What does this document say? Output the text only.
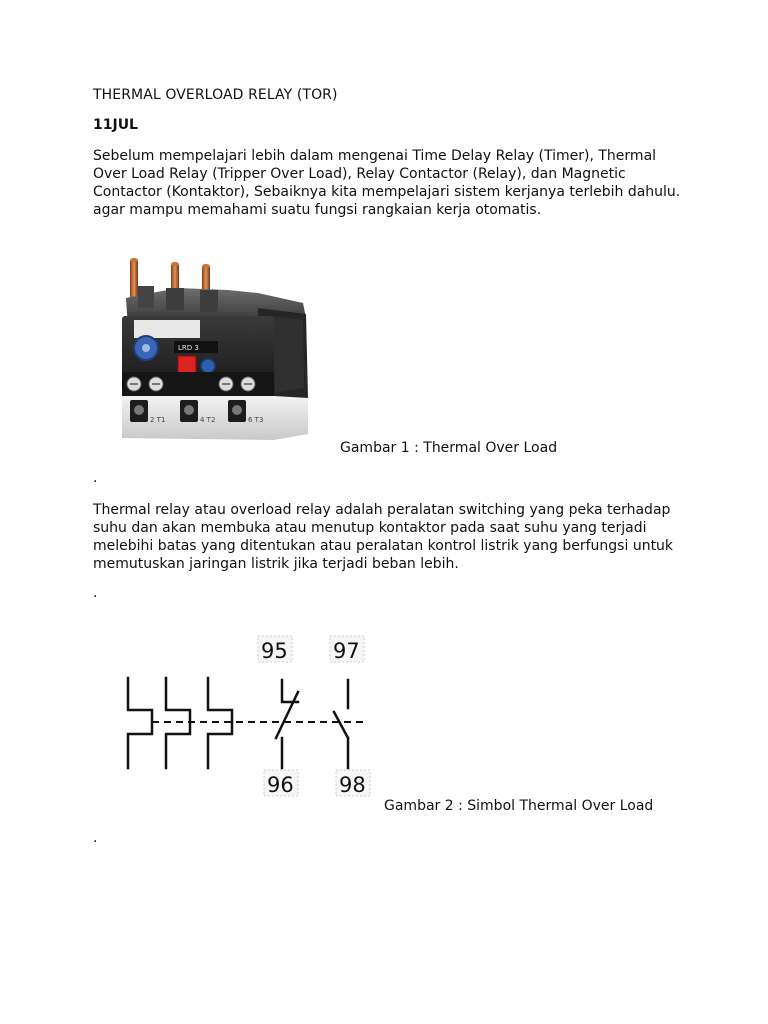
THERMAL OVERLOAD RELAY (TOR)
11JUL
Sebelum mempelajari lebih dalam mengenai Time Delay Relay (Timer), Thermal Over Load Relay (Tripper Over Load), Relay Contactor (Relay), dan Magnetic Contactor (Kontaktor), Sebaiknya kita mempelajari sistem kerjanya terlebih dahulu. agar mampu memahami suatu fungsi rangkaian kerja otomatis.
LRD 3
2 T1	4 T2	6 T3
Gambar 1 : Thermal Over Load
.
Thermal relay atau overload relay adalah peralatan switching yang peka terhadap suhu dan akan membuka atau menutup kontaktor pada saat suhu yang terjadi melebihi batas yang ditentukan atau peralatan kontrol listrik yang berfungsi untuk memutuskan jaringan listrik jika terjadi beban lebih.
.
95 97
96 98
Gambar 2 : Simbol Thermal Over Load
.
